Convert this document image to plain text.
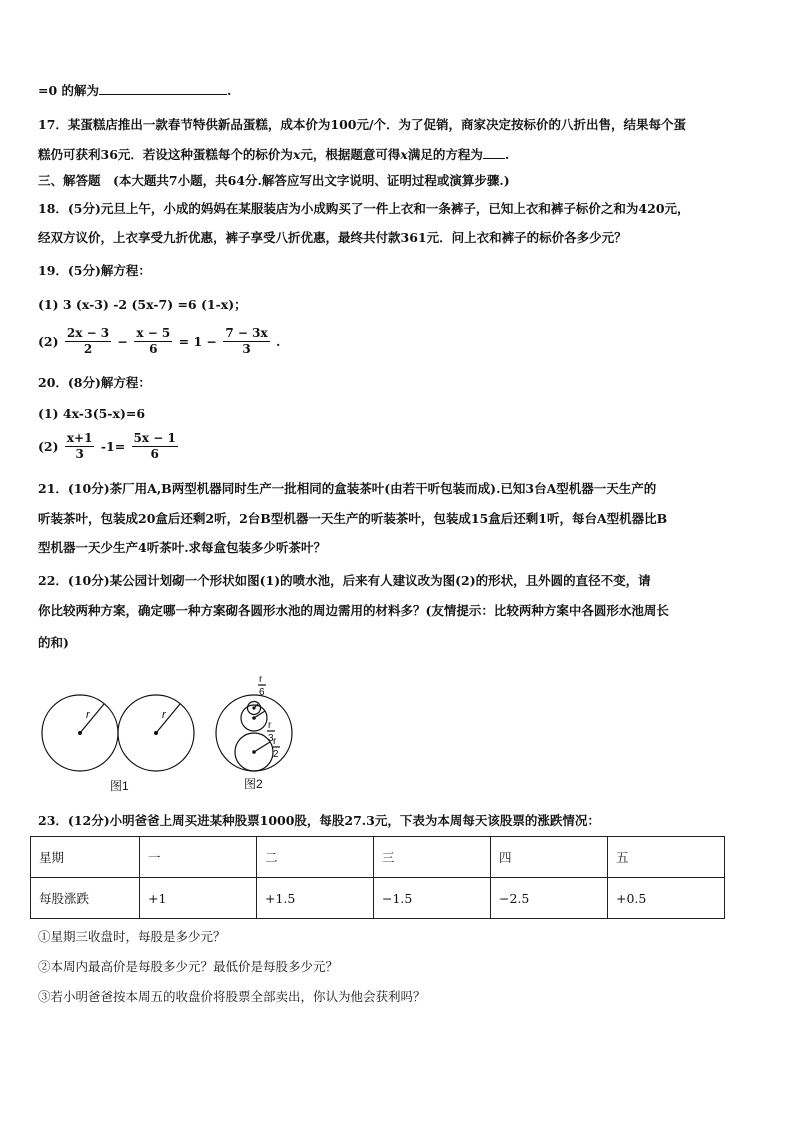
=0 的解为	.
17．某蛋糕店推出一款春节特供新品蛋糕，成本价为100元/个．为了促销，商家决定按标价的八折出售，结果每个蛋
糕仍可获利36元．若设这种蛋糕每个的标价为x元，根据题意可得x满足的方程为 .
三、解答题　(本大题共7小题，共64分.解答应写出文字说明、证明过程或演算步骤.)
18．(5分)元旦上午，小成的妈妈在某服装店为小成购买了一件上衣和一条裤子，已知上衣和裤子标价之和为420元，
经双方议价，上衣享受九折优惠，裤子享受八折优惠，最终共付款361元．问上衣和裤子的标价各多少元？
19．(5分)解方程：
(1) 3 (x-3) -2 (5x-7) =6 (1-x)；
$(2) \frac{2x - 3}{2} - \frac{x - 5}{6} = 1 - \frac{7 - 3x}{3}$ .
20．(8分)解方程：
(1) 4x-3(5-x)=6
$(2) \frac{x+1}{3} -1= \frac{5x - 1}{6}$
21．(10分)茶厂用A,B两型机器同时生产一批相同的盒装茶叶(由若干听包装而成).已知3台A型机器一天生产的
听装茶叶，包装成20盒后还剩2听，2台B型机器一天生产的听装茶叶，包装成15盒后还剩1听，每台A型机器比B
型机器一天少生产4听茶叶.求每盒包装多少听茶叶？
22．(10分)某公园计划砌一个形状如图(1)的喷水池，后来有人建议改为图(2)的形状，且外圆的直径不变，请
你比较两种方案，确定哪一种方案砌各圆形水池的周边需用的材料多？(友情提示：比较两种方案中各圆形水池周长
的和)
r	r
r
6
r
3 r
2
图1	图2
23．(12分)小明爸爸上周买进某种股票1000股，每股27.3元，下表为本周每天该股票的涨跌情况：
星期	一	二	三	四	五
每股涨跌	+1	+1.5	−1.5	−2.5	+0.5
①星期三收盘时，每股是多少元？
②本周内最高价是每股多少元？最低价是每股多少元？
③若小明爸爸按本周五的收盘价将股票全部卖出，你认为他会获利吗？
